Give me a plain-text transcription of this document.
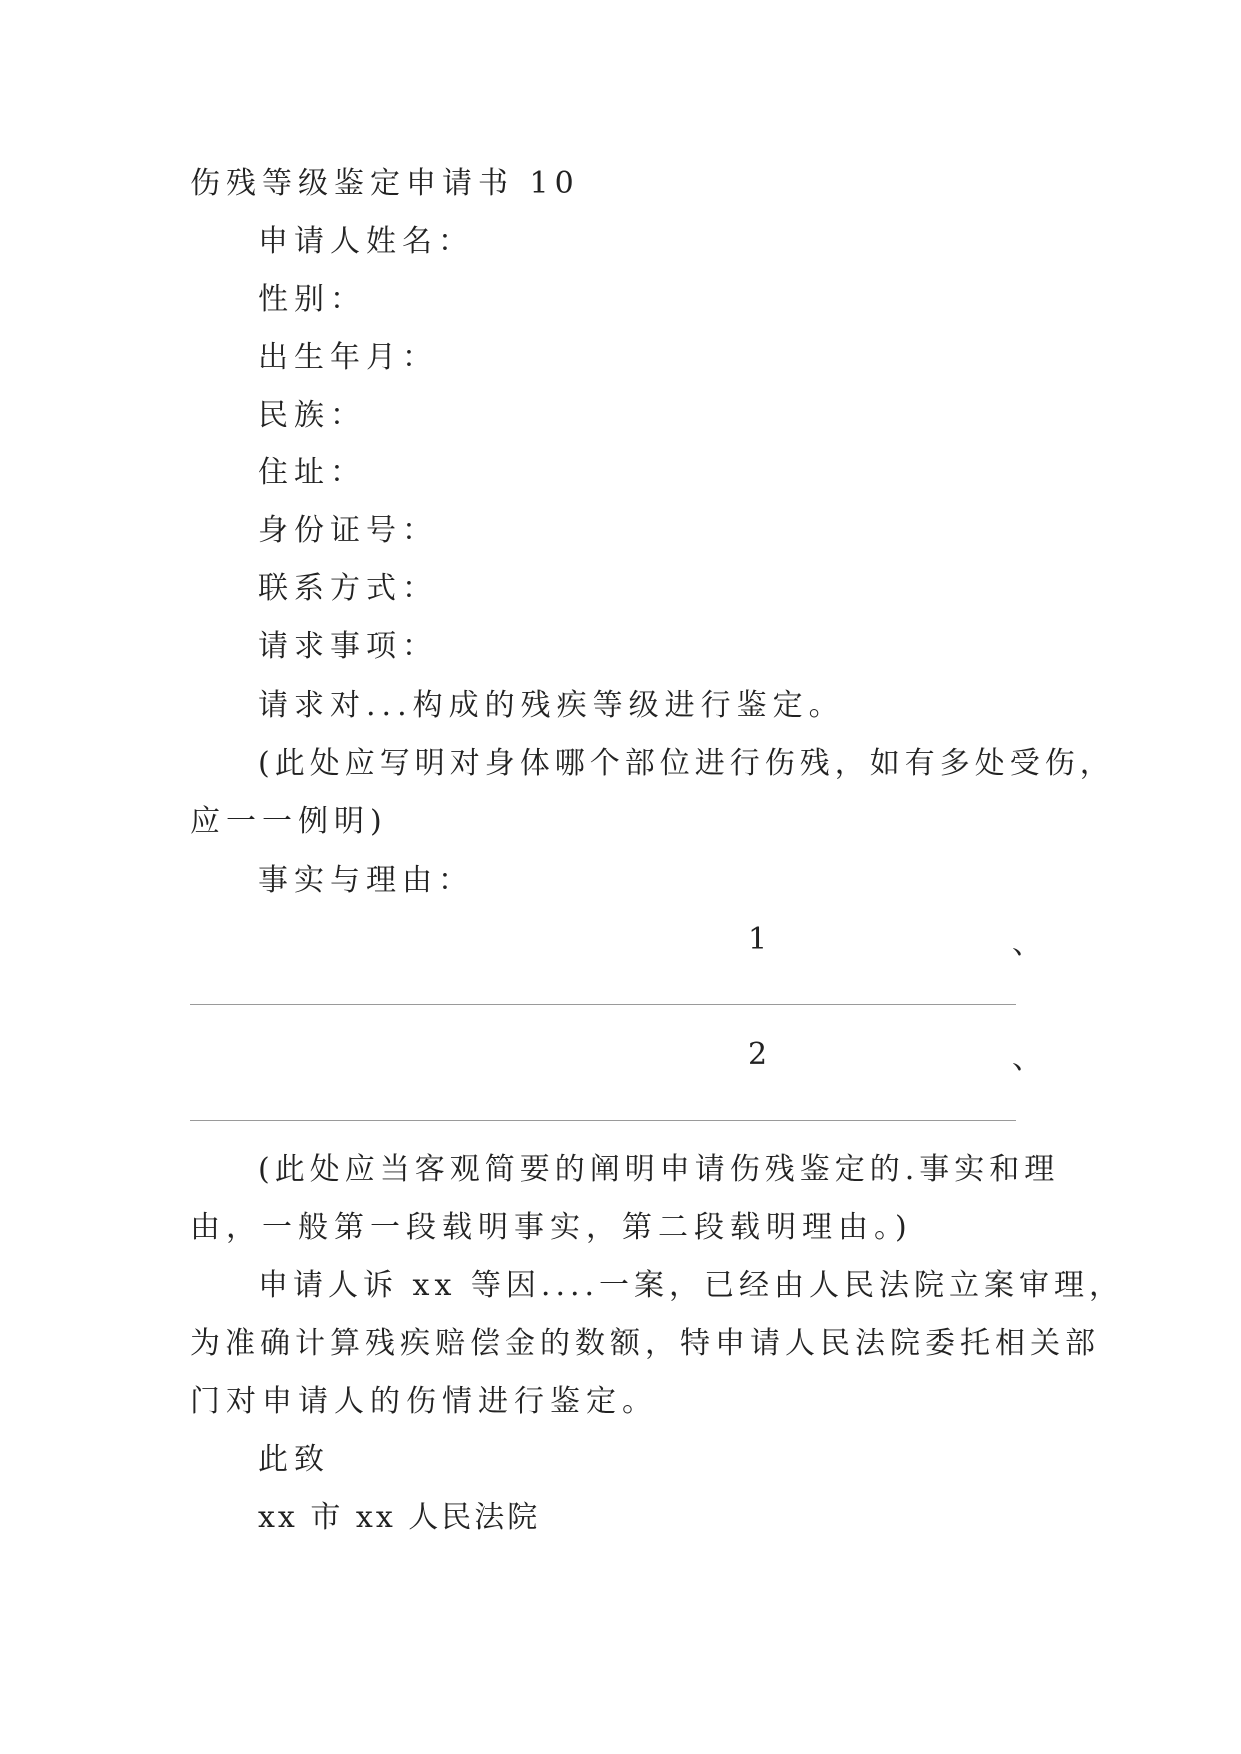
伤残等级鉴定申请书 10
申请人姓名：
性别：
出生年月：
民族：
住址：
身份证号：
联系方式：
请求事项：
请求对...构成的残疾等级进行鉴定。
(此处应写明对身体哪个部位进行伤残，如有多处受伤，
应一一例明)
事实与理由：
1	、
2	、
(此处应当客观简要的阐明申请伤残鉴定的.事实和理
由，一般第一段载明事实，第二段载明理由。)
申请人诉 xx 等因....一案，已经由人民法院立案审理，
为准确计算残疾赔偿金的数额，特申请人民法院委托相关部
门对申请人的伤情进行鉴定。
此致
xx 市 xx 人民法院
